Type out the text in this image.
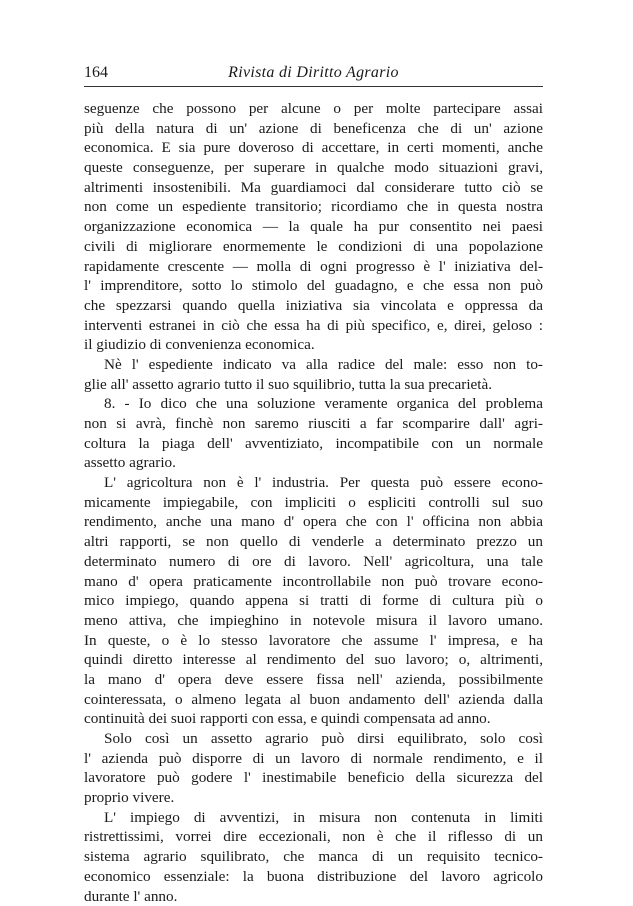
164	Rivista di Diritto Agrario
seguenze che possono per alcune o per molte partecipare assai
più della natura di un' azione di beneficenza che di un' azione
economica. E sia pure doveroso di accettare, in certi momenti, anche
queste conseguenze, per superare in qualche modo situazioni gravi,
altrimenti insostenibili. Ma guardiamoci dal considerare tutto ciò se
non come un espediente transitorio; ricordiamo che in questa nostra
organizzazione economica — la quale ha pur consentito nei paesi
civili di migliorare enormemente le condizioni di una popolazione
rapidamente crescente — molla di ogni progresso è l' iniziativa del-
l' imprenditore, sotto lo stimolo del guadagno, e che essa non può
che spezzarsi quando quella iniziativa sia vincolata e oppressa da
interventi estranei in ciò che essa ha di più specifico, e, direi, geloso :
il giudizio di convenienza economica.
Nè l' espediente indicato va alla radice del male: esso non to-
glie all' assetto agrario tutto il suo squilibrio, tutta la sua precarietà.
8. - Io dico che una soluzione veramente organica del problema
non si avrà, finchè non saremo riusciti a far scomparire dall' agri-
coltura la piaga dell' avventiziato, incompatibile con un normale
assetto agrario.
L' agricoltura non è l' industria. Per questa può essere econo-
micamente impiegabile, con impliciti o espliciti controlli sul suo
rendimento, anche una mano d' opera che con l' officina non abbia
altri rapporti, se non quello di venderle a determinato prezzo un
determinato numero di ore di lavoro. Nell' agricoltura, una tale
mano d' opera praticamente incontrollabile non può trovare econo-
mico impiego, quando appena si tratti di forme di cultura più o
meno attiva, che impieghino in notevole misura il lavoro umano.
In queste, o è lo stesso lavoratore che assume l' impresa, e ha
quindi diretto interesse al rendimento del suo lavoro; o, altrimenti,
la mano d' opera deve essere fissa nell' azienda, possibilmente
cointeressata, o almeno legata al buon andamento dell' azienda dalla
continuità dei suoi rapporti con essa, e quindi compensata ad anno.
Solo così un assetto agrario può dirsi equilibrato, solo così
l' azienda può disporre di un lavoro di normale rendimento, e il
lavoratore può godere l' inestimabile beneficio della sicurezza del
proprio vivere.
L' impiego di avventizi, in misura non contenuta in limiti
ristrettissimi, vorrei dire eccezionali, non è che il riflesso di un
sistema agrario squilibrato, che manca di un requisito tecnico-
economico essenziale: la buona distribuzione del lavoro agricolo
durante l' anno.
